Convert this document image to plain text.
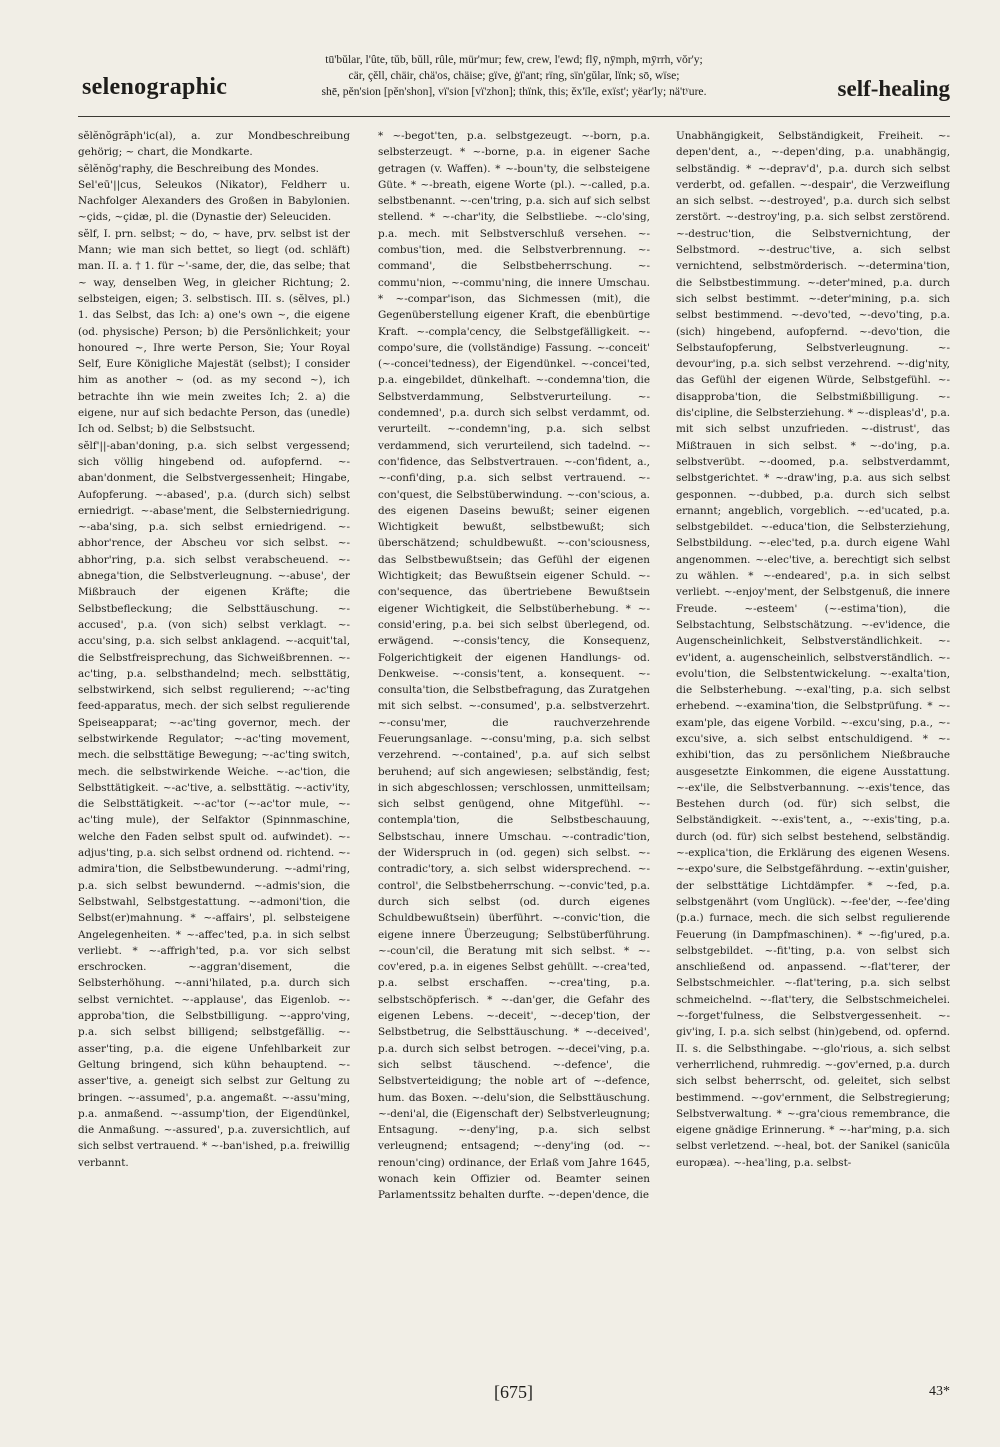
selenographic
tū'bŭlar, l'ûte, tŭb, bŭll, rûle, mür'mur; few, crew, l'ewd; flȳ, nȳmph, mȳrrh, vŏr'y;
cär, çĕll, chäir, chä'os, chäise; gïve, ġï'ant; rïng, sïn'gŭlar, lïnk; sō, wïse;
shē, pĕn'sion [pĕn'shon], vï'sion [vï'zhon]; thïnk, this; ĕx'ïle, exïst'; yëar'ly; nä'tʸure.	self-healing

sĕlĕnŏgrăph'ic(al), a. zur Mondbeschreibung gehörig; ~ chart, die Mondkarte.

sĕlĕnŏg'raphy, die Beschreibung des Mondes.

Sel'eū'||cus, Seleukos (Nikator), Feldherr u. Nachfolger Alexanders des Großen in Babylonien. ~çids, ~çidæ, pl. die (Dynastie der) Seleuciden.

sĕlf, I. prn. selbst; ~ do, ~ have, prv. selbst ist der Mann; wie man sich bettet, so liegt (od. schläft) man. II. a. † 1. für ~'-same, der, die, das selbe; that ~ way, denselben Weg, in gleicher Richtung; 2. selbsteigen, eigen; 3. selbstisch. III. s. (sĕlves, pl.) 1. das Selbst, das Ich: a) one's own ~, die eigene (od. physische) Person; b) die Persönlichkeit; your honoured ~, Ihre werte Person, Sie; Your Royal Self, Eure Königliche Majestät (selbst); I consider him as another ~ (od. as my second ~), ich betrachte ihn wie mein zweites Ich; 2. a) die eigene, nur auf sich bedachte Person, das (unedle) Ich od. Selbst; b) die Selbstsucht.

sĕlf'||-aban'doning, p.a. sich selbst vergessend; sich völlig hingebend od. aufopfernd. ~-aban'donment, die Selbstvergessenheit; Hingabe, Aufopferung. ~-abased', p.a. (durch sich) selbst erniedrigt. ~-abase'ment, die Selbsterniedrigung. ~-aba'sing, p.a. sich selbst erniedrigend. ~-abhor'rence, der Abscheu vor sich selbst. ~-abhor'ring, p.a. sich selbst verabscheuend. ~-abnega'tion, die Selbstverleugnung. ~-abuse', der Mißbrauch der eigenen Kräfte; die Selbstbefleckung; die Selbsttäuschung. ~-accused', p.a. (von sich) selbst verklagt. ~-accu'sing, p.a. sich selbst anklagend. ~-acquit'tal, die Selbstfreisprechung, das Sichweißbrennen. ~-ac'ting, p.a. selbsthandelnd; mech. selbsttätig, selbstwirkend, sich selbst regulierend; ~-ac'ting feed-apparatus, mech. der sich selbst regulierende Speiseapparat; ~-ac'ting governor, mech. der selbstwirkende Regulator; ~-ac'ting movement, mech. die selbsttätige Bewegung; ~-ac'ting switch, mech. die selbstwirkende Weiche. ~-ac'tion, die Selbsttätigkeit. ~-ac'tive, a. selbsttätig. ~-activ'ity, die Selbsttätigkeit. ~-ac'tor (~-ac'tor mule, ~-ac'ting mule), der Selfaktor (Spinnmaschine, welche den Faden selbst spult od. aufwindet). ~-adjus'ting, p.a. sich selbst ordnend od. richtend. ~-admira'tion, die Selbstbewunderung. ~-admi'ring, p.a. sich selbst bewundernd. ~-admis'sion, die Selbstwahl, Selbstgestattung. ~-admoni'tion, die Selbst(er)mahnung. * ~-affairs', pl. selbsteigene Angelegenheiten. * ~-affec'ted, p.a. in sich selbst verliebt. * ~-affrigh'ted, p.a. vor sich selbst erschrocken. ~-aggran'disement, die Selbsterhöhung. ~-anni'hilated, p.a. durch sich selbst vernichtet. ~-applause', das Eigenlob. ~-approba'tion, die Selbstbilligung. ~-appro'ving, p.a. sich selbst billigend; selbstgefällig. ~-asser'ting, p.a. die eigene Unfehlbarkeit zur Geltung bringend, sich kühn behauptend. ~-asser'tive, a. geneigt sich selbst zur Geltung zu bringen. ~-assumed', p.a. angemaßt. ~-assu'ming, p.a. anmaßend. ~-assump'tion, der Eigendünkel, die Anmaßung. ~-assured', p.a. zuversichtlich, auf sich selbst vertrauend. * ~-ban'ished, p.a. freiwillig verbannt.

* ~-begot'ten, p.a. selbstgezeugt. ~-born, p.a. selbsterzeugt. * ~-borne, p.a. in eigener Sache getragen (v. Waffen). * ~-boun'ty, die selbsteigene Güte. * ~-breath, eigene Worte (pl.). ~-called, p.a. selbstbenannt. ~-cen'tring, p.a. sich auf sich selbst stellend. * ~-char'ity, die Selbstliebe. ~-clo'sing, p.a. mech. mit Selbstverschluß versehen. ~-combus'tion, med. die Selbstverbrennung. ~-command', die Selbstbeherrschung. ~-commu'nion, ~-commu'ning, die innere Umschau. * ~-compar'ison, das Sichmessen (mit), die Gegenüberstellung eigener Kraft, die ebenbürtige Kraft. ~-compla'cency, die Selbstgefälligkeit. ~-compo'sure, die (vollständige) Fassung. ~-conceit' (~-concei'tedness), der Eigendünkel. ~-concei'ted, p.a. eingebildet, dünkelhaft. ~-condemna'tion, die Selbstverdammung, Selbstverurteilung. ~-condemned', p.a. durch sich selbst verdammt, od. verurteilt. ~-condemn'ing, p.a. sich selbst verdammend, sich verurteilend, sich tadelnd. ~-con'fidence, das Selbstvertrauen. ~-con'fident, a., ~-confi'ding, p.a. sich selbst vertrauend. ~-con'quest, die Selbstüberwindung. ~-con'scious, a. des eigenen Daseins bewußt; seiner eigenen Wichtigkeit bewußt, selbstbewußt; sich überschätzend; schuldbewußt. ~-con'sciousness, das Selbstbewußtsein; das Gefühl der eigenen Wichtigkeit; das Bewußtsein eigener Schuld. ~-con'sequence, das übertriebene Bewußtsein eigener Wichtigkeit, die Selbstüberhebung. * ~-consid'ering, p.a. bei sich selbst überlegend, od. erwägend. ~-consis'tency, die Konsequenz, Folgerichtigkeit der eigenen Handlungs- od. Denkweise. ~-consis'tent, a. konsequent. ~-consulta'tion, die Selbstbefragung, das Zuratgehen mit sich selbst. ~-consumed', p.a. selbstverzehrt. ~-consu'mer, die rauchverzehrende Feuerungsanlage. ~-consu'ming, p.a. sich selbst verzehrend. ~-contained', p.a. auf sich selbst beruhend; auf sich angewiesen; selbständig, fest; in sich abgeschlossen; verschlossen, unmitteilsam; sich selbst genügend, ohne Mitgefühl. ~-contempla'tion, die Selbstbeschauung, Selbstschau, innere Umschau. ~-contradic'tion, der Widerspruch in (od. gegen) sich selbst. ~-contradic'tory, a. sich selbst widersprechend. ~-control', die Selbstbeherrschung. ~-convic'ted, p.a. durch sich selbst (od. durch eigenes Schuldbewußtsein) überführt. ~-convic'tion, die eigene innere Überzeugung; Selbstüberführung. ~-coun'cil, die Beratung mit sich selbst. * ~-cov'ered, p.a. in eigenes Selbst gehüllt. ~-crea'ted, p.a. selbst erschaffen. ~-crea'ting, p.a. selbstschöpferisch. * ~-dan'ger, die Gefahr des eigenen Lebens. ~-deceit', ~-decep'tion, der Selbstbetrug, die Selbsttäuschung. * ~-deceived', p.a. durch sich selbst betrogen. ~-decei'ving, p.a. sich selbst täuschend. ~-defence', die Selbstverteidigung; the noble art of ~-defence, hum. das Boxen. ~-delu'sion, die Selbsttäuschung. ~-deni'al, die (Eigenschaft der) Selbstverleugnung; Entsagung. ~-deny'ing, p.a. sich selbst verleugnend; entsagend; ~-deny'ing (od. ~-renoun'cing) ordinance, der Erlaß vom Jahre 1645, wonach kein Offizier od. Beamter seinen Parlamentssitz behalten durfte. ~-depen'dence, die

Unabhängigkeit, Selbständigkeit, Freiheit. ~-depen'dent, a., ~-depen'ding, p.a. unabhängig, selbständig. * ~-deprav'd', p.a. durch sich selbst verderbt, od. gefallen. ~-despair', die Verzweiflung an sich selbst. ~-destroyed', p.a. durch sich selbst zerstört. ~-destroy'ing, p.a. sich selbst zerstörend. ~-destruc'tion, die Selbstvernichtung, der Selbstmord. ~-destruc'tive, a. sich selbst vernichtend, selbstmörderisch. ~-determina'tion, die Selbstbestimmung. ~-deter'mined, p.a. durch sich selbst bestimmt. ~-deter'mining, p.a. sich selbst bestimmend. ~-devo'ted, ~-devo'ting, p.a. (sich) hingebend, aufopfernd. ~-devo'tion, die Selbstaufopferung, Selbstverleugnung. ~-devour'ing, p.a. sich selbst verzehrend. ~-dig'nity, das Gefühl der eigenen Würde, Selbstgefühl. ~-disapproba'tion, die Selbstmißbilligung. ~-dis'cipline, die Selbsterziehung. * ~-displeas'd', p.a. mit sich selbst unzufrieden. ~-distrust', das Mißtrauen in sich selbst. * ~-do'ing, p.a. selbstverübt. ~-doomed, p.a. selbstverdammt, selbstgerichtet. * ~-draw'ing, p.a. aus sich selbst gesponnen. ~-dubbed, p.a. durch sich selbst ernannt; angeblich, vorgeblich. ~-ed'ucated, p.a. selbstgebildet. ~-educa'tion, die Selbsterziehung, Selbstbildung. ~-elec'ted, p.a. durch eigene Wahl angenommen. ~-elec'tive, a. berechtigt sich selbst zu wählen. * ~-endeared', p.a. in sich selbst verliebt. ~-enjoy'ment, der Selbstgenuß, die innere Freude. ~-esteem' (~-estima'tion), die Selbstachtung, Selbstschätzung. ~-ev'idence, die Augenscheinlichkeit, Selbstverständlichkeit. ~-ev'ident, a. augenscheinlich, selbstverständlich. ~-evolu'tion, die Selbstentwickelung. ~-exalta'tion, die Selbsterhebung. ~-exal'ting, p.a. sich selbst erhebend. ~-examina'tion, die Selbstprüfung. * ~-exam'ple, das eigene Vorbild. ~-excu'sing, p.a., ~-excu'sive, a. sich selbst entschuldigend. * ~-exhibi'tion, das zu persönlichem Nießbrauche ausgesetzte Einkommen, die eigene Ausstattung. ~-ex'ile, die Selbstverbannung. ~-exis'tence, das Bestehen durch (od. für) sich selbst, die Selbständigkeit. ~-exis'tent, a., ~-exis'ting, p.a. durch (od. für) sich selbst bestehend, selbständig. ~-explica'tion, die Erklärung des eigenen Wesens. ~-expo'sure, die Selbstgefährdung. ~-extin'guisher, der selbsttätige Lichtdämpfer. * ~-fed, p.a. selbstgenährt (vom Unglück). ~-fee'der, ~-fee'ding (p.a.) furnace, mech. die sich selbst regulierende Feuerung (in Dampfmaschinen). * ~-fig'ured, p.a. selbstgebildet. ~-fit'ting, p.a. von selbst sich anschließend od. anpassend. ~-flat'terer, der Selbstschmeichler. ~-flat'tering, p.a. sich selbst schmeichelnd. ~-flat'tery, die Selbstschmeichelei. ~-forget'fulness, die Selbstvergessenheit. ~-giv'ing, I. p.a. sich selbst (hin)gebend, od. opfernd. II. s. die Selbsthingabe. ~-glo'rious, a. sich selbst verherrlichend, ruhmredig. ~-gov'erned, p.a. durch sich selbst beherrscht, od. geleitet, sich selbst bestimmend. ~-gov'ernment, die Selbstregierung; Selbstverwaltung. * ~-gra'cious remembrance, die eigene gnädige Erinnerung. * ~-har'ming, p.a. sich selbst verletzend. ~-heal, bot. der Sanikel (sanicūla europæa). ~-hea'ling, p.a. selbst-

[675]	43*
